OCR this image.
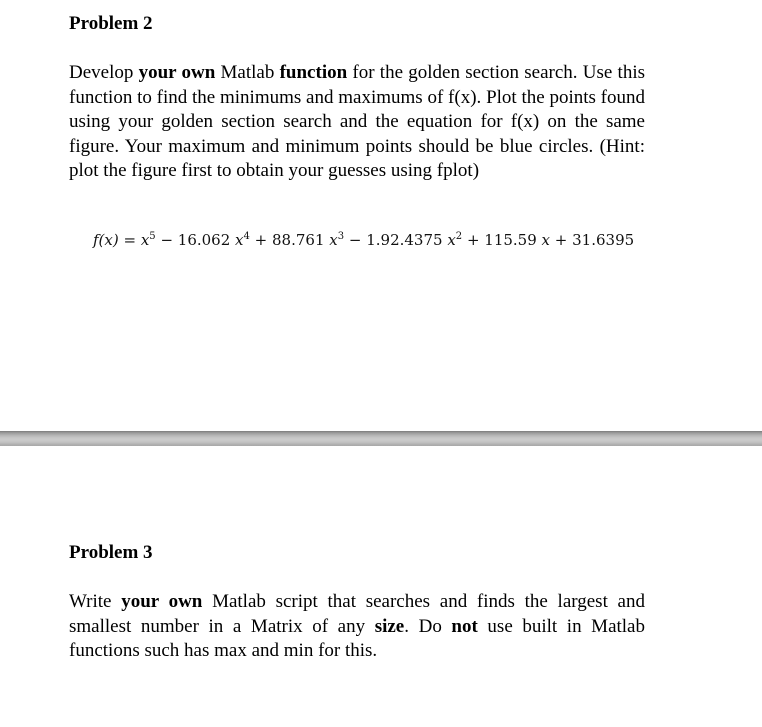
Problem 2

Develop your own Matlab function for the golden section search. Use this function to find the minimums and maximums of f(x). Plot the points found using your golden section search and the equation for f(x) on the same figure. Your maximum and minimum points should be blue circles. (Hint: plot the figure first to obtain your guesses using fplot)

$f(x) = x^5 - 16.062$ $x^4 + 88.761$ $x^3 - 1.92.4375$ $x^2 + 115.59$ x + 31.6395
Problem 3

Write your own Matlab script that searches and finds the largest and smallest number in a Matrix of any size. Do not use built in Matlab functions such has max and min for this.
